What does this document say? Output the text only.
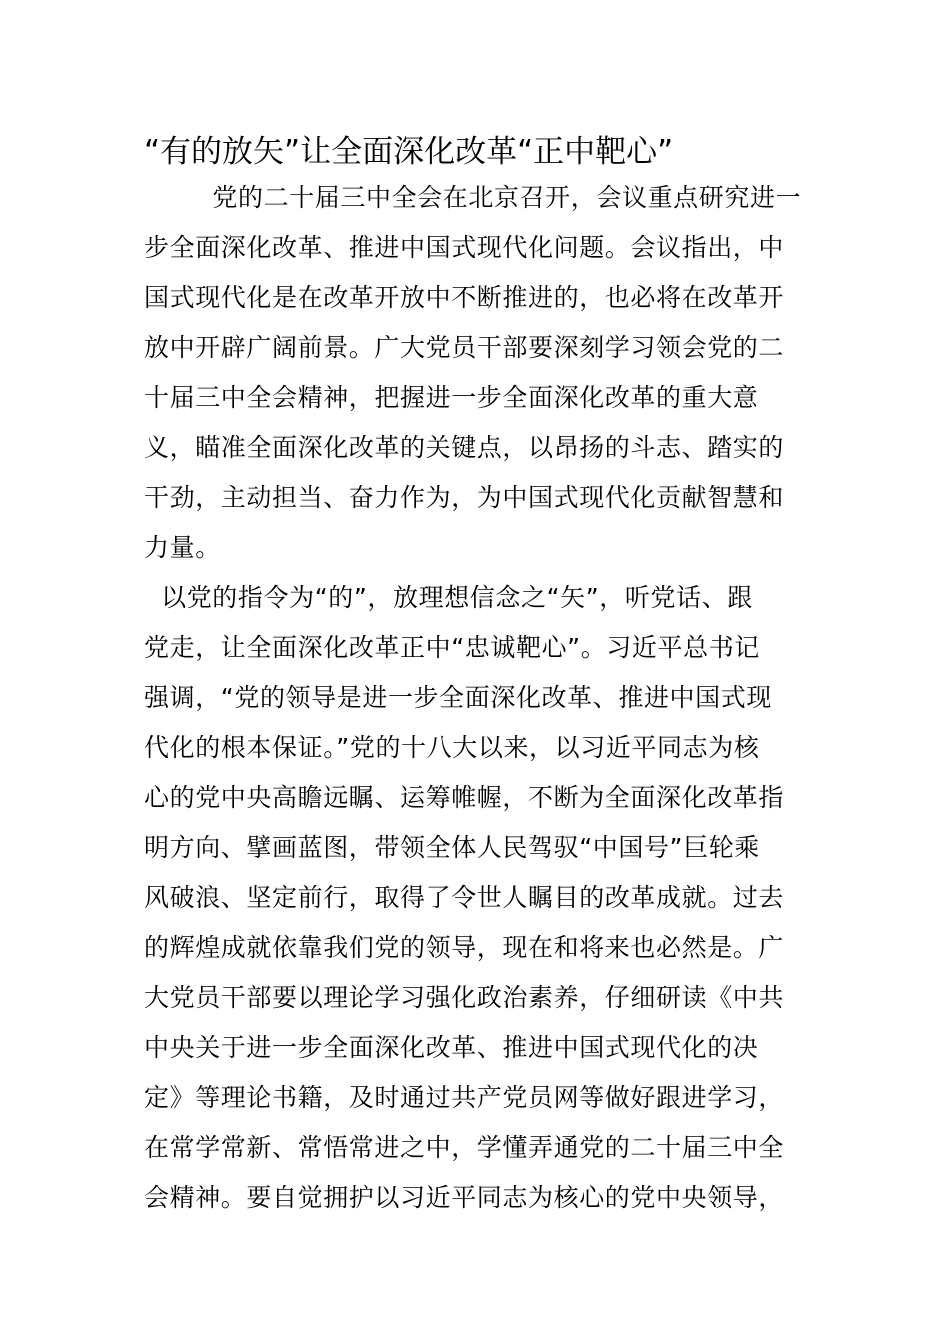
“有的放矢”让全面深化改革“正中靶心”
党的二十届三中全会在北京召开，会议重点研究进一
步全面深化改革、推进中国式现代化问题。会议指出，中
国式现代化是在改革开放中不断推进的，也必将在改革开
放中开辟广阔前景。广大党员干部要深刻学习领会党的二
十届三中全会精神，把握进一步全面深化改革的重大意
义，瞄准全面深化改革的关键点，以昂扬的斗志、踏实的
干劲，主动担当、奋力作为，为中国式现代化贡献智慧和
力量。
以党的指令为“的”，放理想信念之“矢”，听党话、跟
党走，让全面深化改革正中“忠诚靶心”。习近平总书记
强调，“党的领导是进一步全面深化改革、推进中国式现
代化的根本保证。”党的十八大以来，以习近平同志为核
心的党中央高瞻远瞩、运筹帷幄，不断为全面深化改革指
明方向、擘画蓝图，带领全体人民驾驭“中国号”巨轮乘
风破浪、坚定前行，取得了令世人瞩目的改革成就。过去
的辉煌成就依靠我们党的领导，现在和将来也必然是。广
大党员干部要以理论学习强化政治素养，仔细研读《中共
中央关于进一步全面深化改革、推进中国式现代化的决
定》等理论书籍，及时通过共产党员网等做好跟进学习，
在常学常新、常悟常进之中，学懂弄通党的二十届三中全
会精神。要自觉拥护以习近平同志为核心的党中央领导，
